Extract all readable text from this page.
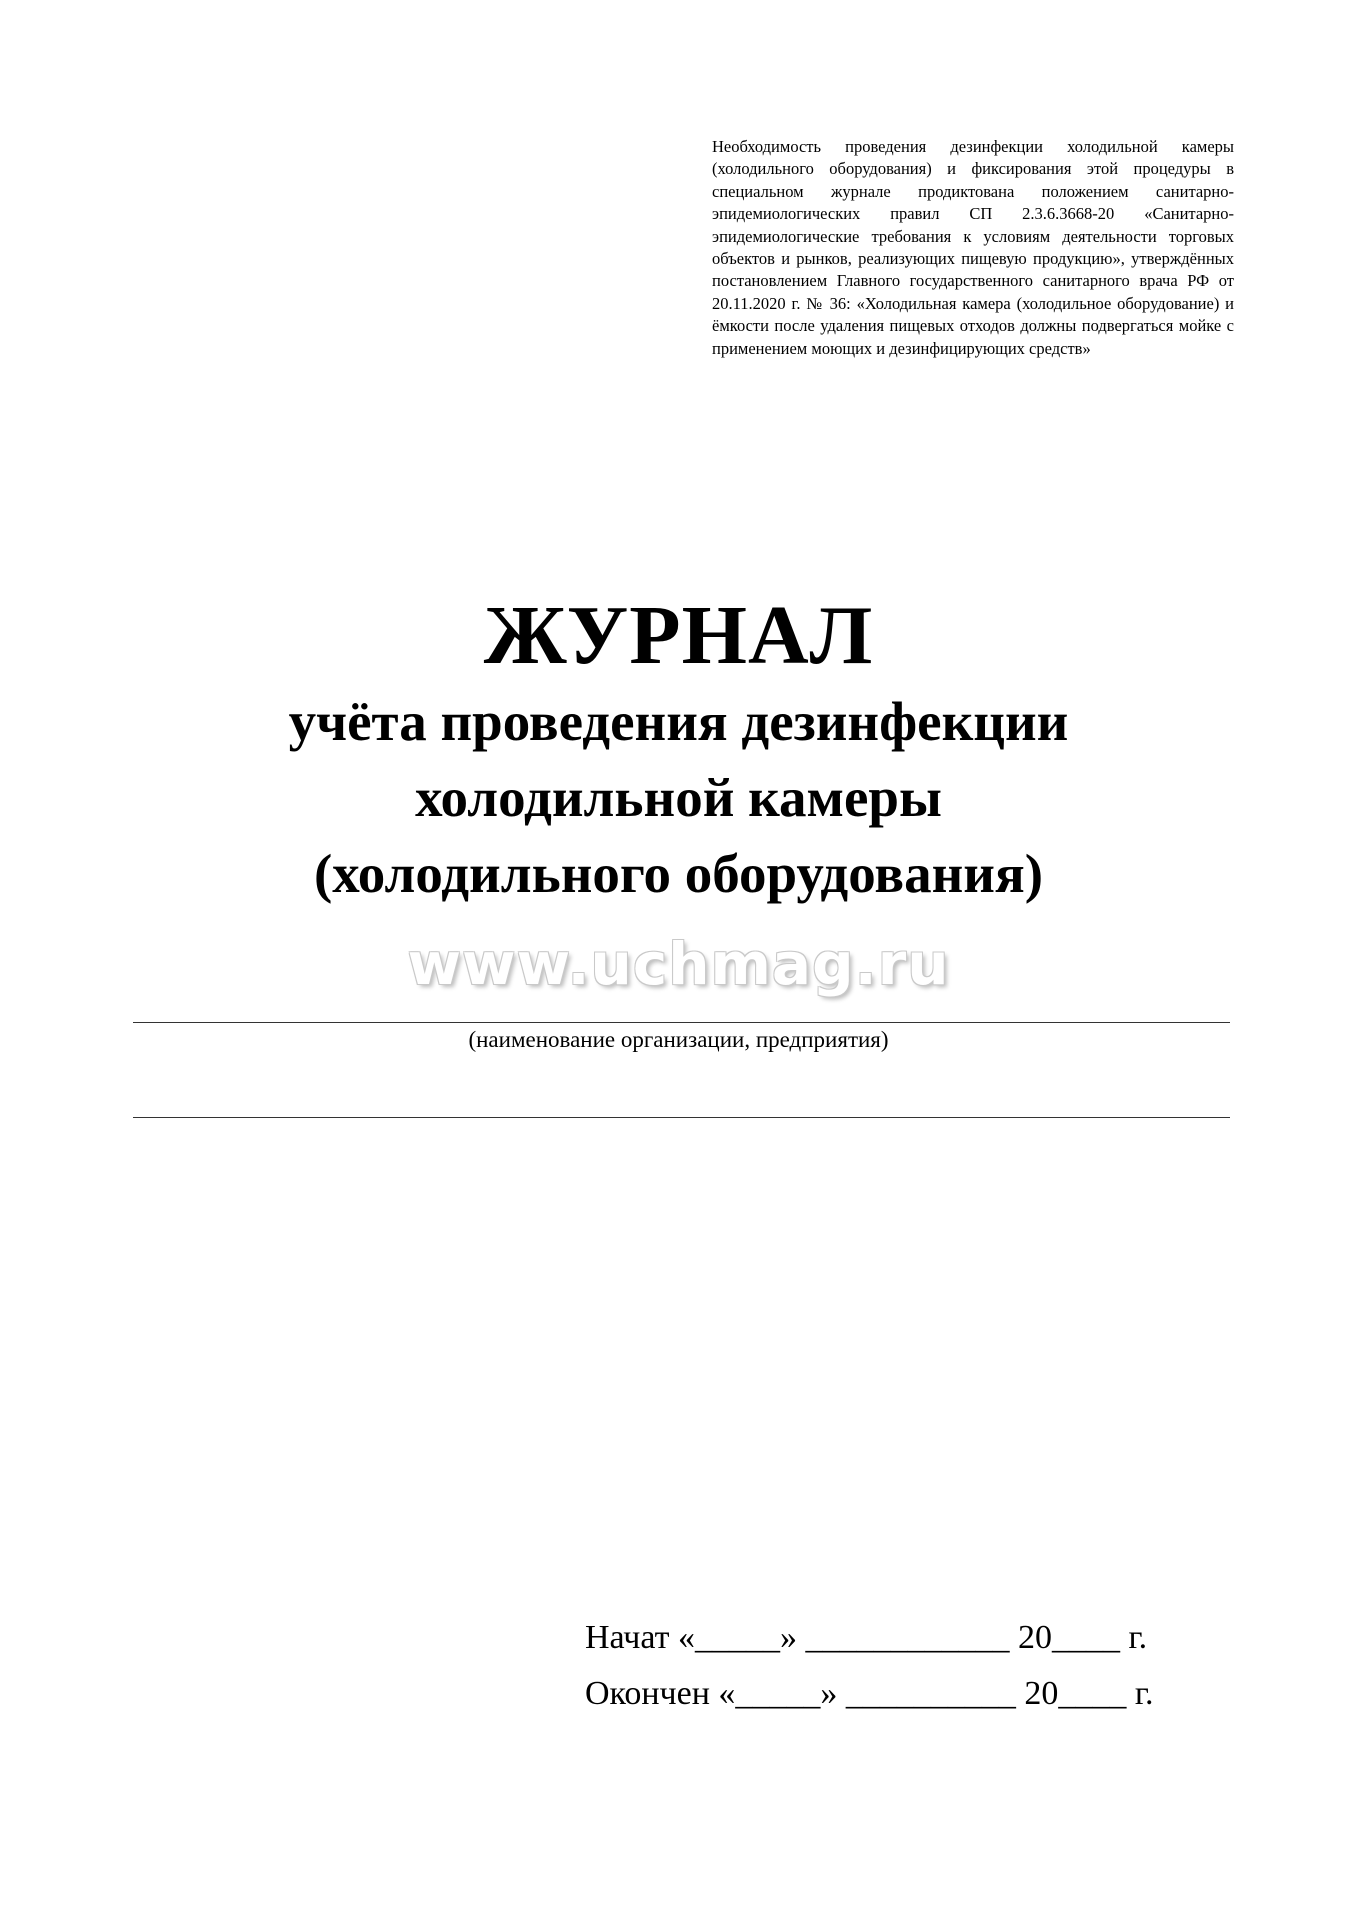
Необходимость проведения дезинфекции холодильной камеры (холодильного оборудования) и фиксирования этой процедуры в специальном журнале продиктована положением санитарно-эпидемиологических правил СП 2.3.6.3668-20 «Санитарно-эпидемиологические требования к условиям деятельности торговых объектов и рынков, реализующих пищевую продукцию», утверждённых постановлением Главного государственного санитарного врача РФ от 20.11.2020 г. № 36: «Холодильная камера (холодильное оборудование) и ёмкости после удаления пищевых отходов должны подвергаться мойке с применением моющих и дезинфицирующих средств»

ЖУРНАЛ

учёта проведения дезинфекции

холодильной камеры

(холодильного оборудования)

www.uchmag.ru

(наименование организации, предприятия)

Начат «_____» ____________ 20____ г.
Окончен «_____» __________ 20____ г.
